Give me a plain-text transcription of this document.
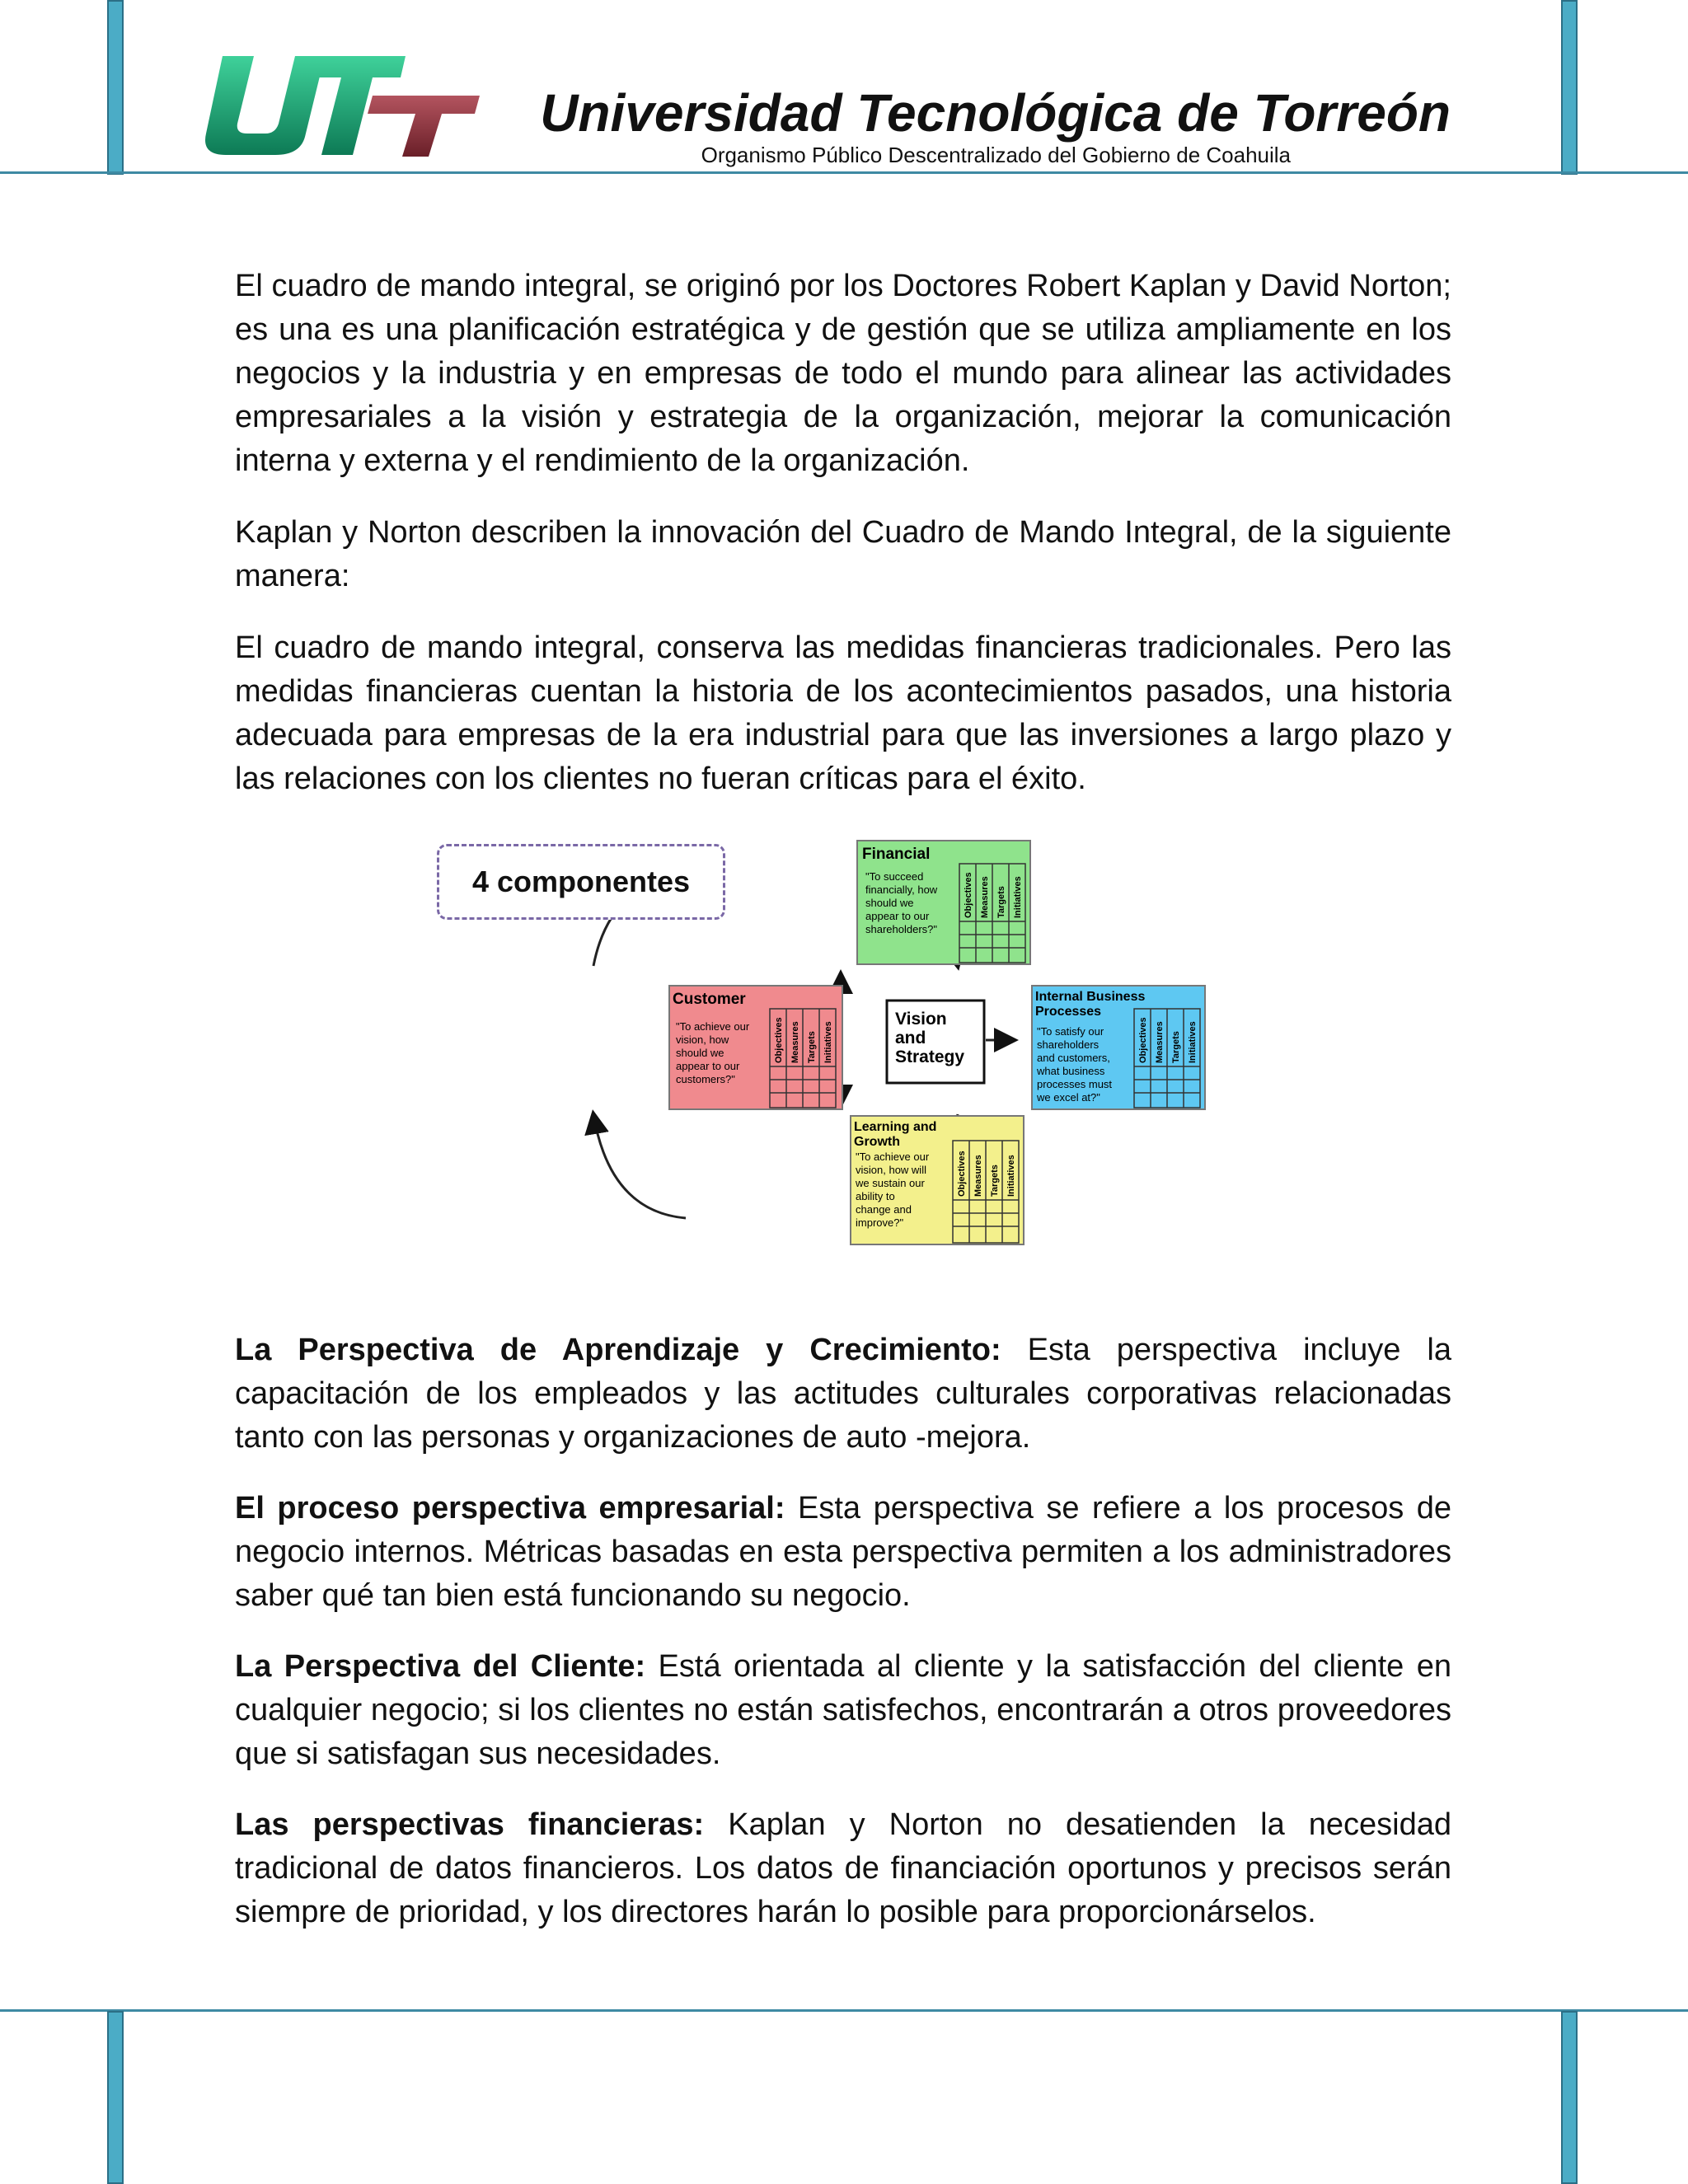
Universidad Tecnológica de Torreón
Organismo Público Descentralizado del Gobierno de Coahuila

El cuadro de mando integral, se originó por los Doctores Robert Kaplan y David Norton; es una es una planificación estratégica y de gestión que se utiliza ampliamente en los negocios y la industria y en empresas de todo el mundo para alinear las actividades empresariales a la visión y estrategia de la organización, mejorar la comunicación interna y externa y el rendimiento de la organización.

Kaplan y Norton describen la innovación del Cuadro de Mando Integral, de la siguiente manera:

El cuadro de mando integral, conserva las medidas financieras tradicionales. Pero las medidas financieras cuentan la historia de los acontecimientos pasados, una historia adecuada para empresas de la era industrial para que las inversiones a largo plazo y las relaciones con los clientes no fueran críticas para el éxito.

Vision
and
Strategy
Financial
"To succeed
financially, how
should we
appear to our
shareholders?"
Objectives Measures Targets Initiatives
Customer
"To achieve our
vision, how
should we
appear to our
customers?"
Objectives Measures Targets Initiatives
Internal Business
Processes
"To satisfy our
shareholders
and customers,
what business
processes must
we excel at?"
Objectives Measures Targets Initiatives
Learning and
Growth
"To achieve our
vision, how will
we sustain our
ability to
change and
improve?"
Objectives Measures Targets Initiatives
4 componentes

La Perspectiva de Aprendizaje y Crecimiento: Esta perspectiva incluye la capacitación de los empleados y las actitudes culturales corporativas relacionadas tanto con las personas y organizaciones de auto -mejora.

El proceso perspectiva empresarial: Esta perspectiva se refiere a los procesos de negocio internos. Métricas basadas en esta perspectiva permiten a los administradores saber qué tan bien está funcionando su negocio.

La Perspectiva del Cliente: Está orientada al cliente y la satisfacción del cliente en cualquier negocio; si los clientes no están satisfechos, encontrarán a otros proveedores que si satisfagan sus necesidades.

Las perspectivas financieras: Kaplan y Norton no desatienden la necesidad tradicional de datos financieros. Los datos de financiación oportunos y precisos serán siempre de prioridad, y los directores harán lo posible para proporcionárselos.
